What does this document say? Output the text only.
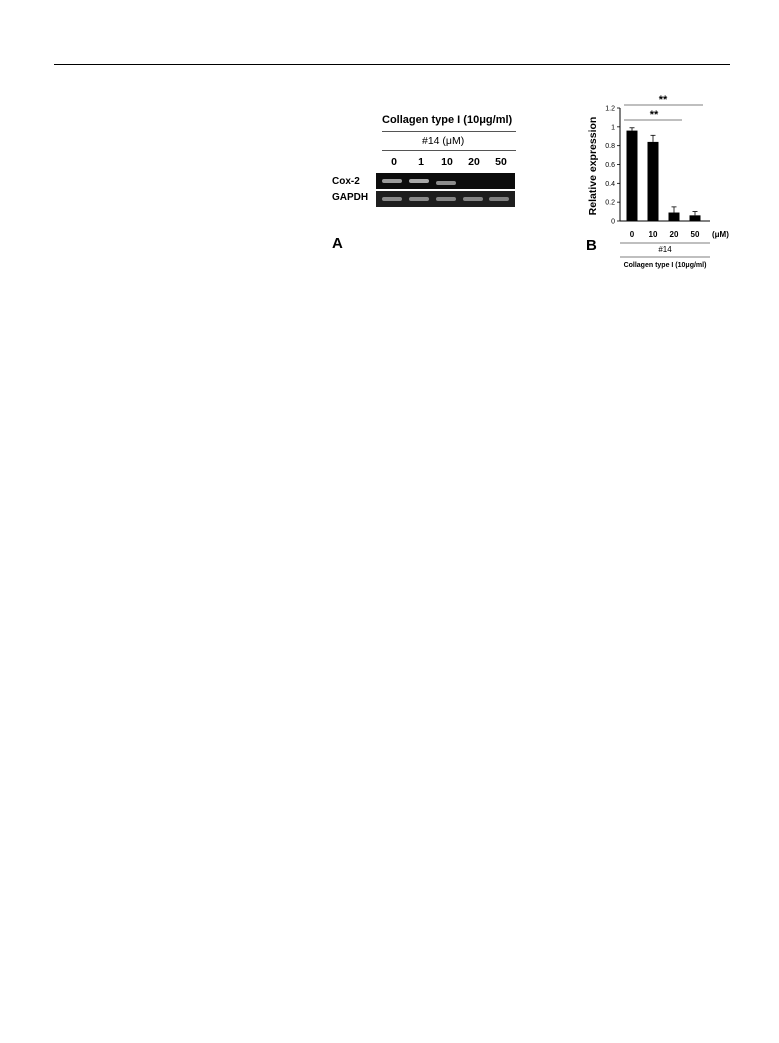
Collagen type I (10μg/ml)
#14 (μM)
0	1	10	20	50
Cox-2
GAPDH
A
Relative expression
0
0.2
0.4
0.6
0.8
1
1.2
0 10 20 50 (μM)
**
**
#14
Collagen type I (10μg/ml)
B
